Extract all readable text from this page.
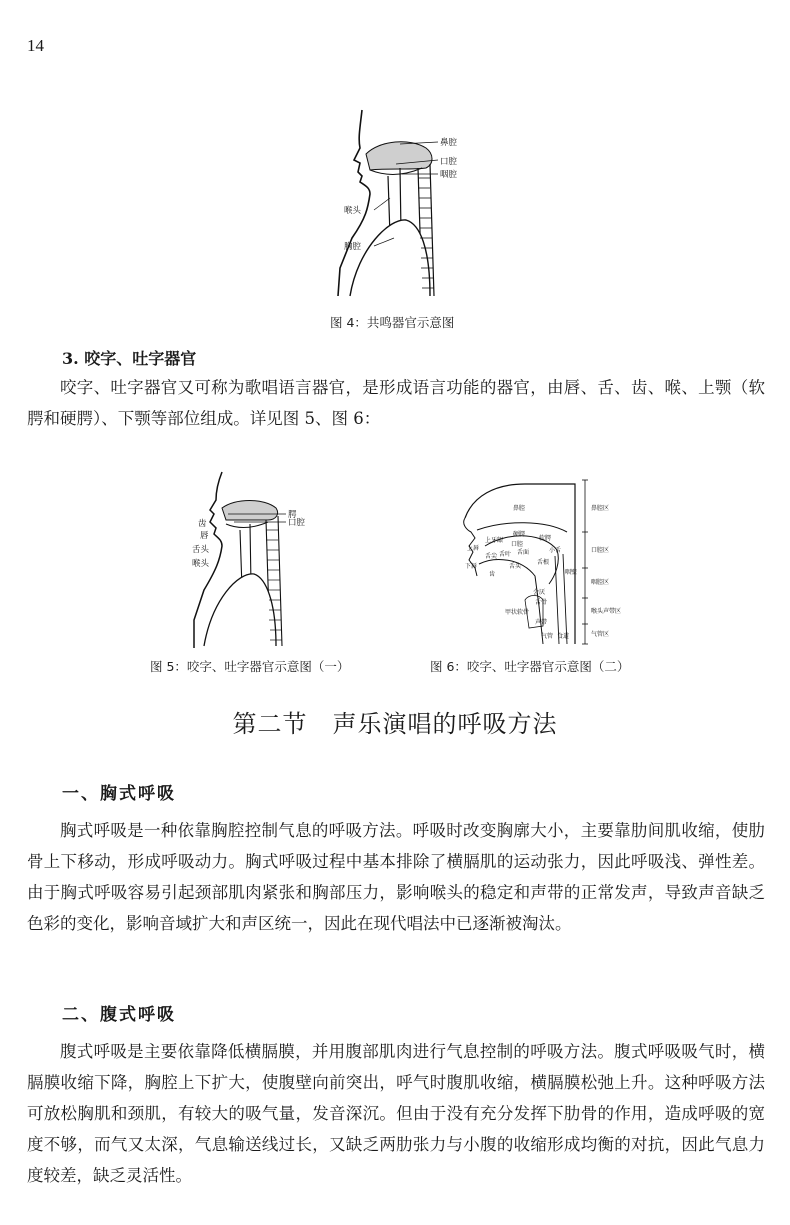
14
鼻腔
口腔
咽腔
喉头
胸腔
图 4：共鸣器官示意图
3. 咬字、吐字器官

咬字、吐字器官又可称为歌唱语言器官，是形成语言功能的器官，由唇、舌、齿、喉、上颚（软腭和硬腭）、下颚等部位组成。详见图 5、图 6：

腭
口腔
齿
唇
舌头
喉头
图 5：咬字、吐字器官示意图（一）
鼻腔
上唇
下唇
上牙龈
硬腭
软腭
舌尖 舌叶 舌面
舌根
舌头
口腔
小舌
齿
会厌
咽壁
舌骨
甲状软骨
声带
气管 食道
鼻腔区
口腔区
咽腔区
喉头声带区
气管区
图 6：咬字、吐字器官示意图（二）
第二节　声乐演唱的呼吸方法
一、胸式呼吸

胸式呼吸是一种依靠胸腔控制气息的呼吸方法。呼吸时改变胸廓大小，主要靠肋间肌收缩，使肋骨上下移动，形成呼吸动力。胸式呼吸过程中基本排除了横膈肌的运动张力，因此呼吸浅、弹性差。由于胸式呼吸容易引起颈部肌肉紧张和胸部压力，影响喉头的稳定和声带的正常发声，导致声音缺乏色彩的变化，影响音域扩大和声区统一，因此在现代唱法中已逐渐被淘汰。

二、腹式呼吸

腹式呼吸是主要依靠降低横膈膜，并用腹部肌肉进行气息控制的呼吸方法。腹式呼吸吸气时，横膈膜收缩下降，胸腔上下扩大，使腹壁向前突出，呼气时腹肌收缩，横膈膜松弛上升。这种呼吸方法可放松胸肌和颈肌，有较大的吸气量，发音深沉。但由于没有充分发挥下肋骨的作用，造成呼吸的宽度不够，而气又太深，气息输送线过长，又缺乏两肋张力与小腹的收缩形成均衡的对抗，因此气息力度较差，缺乏灵活性。
